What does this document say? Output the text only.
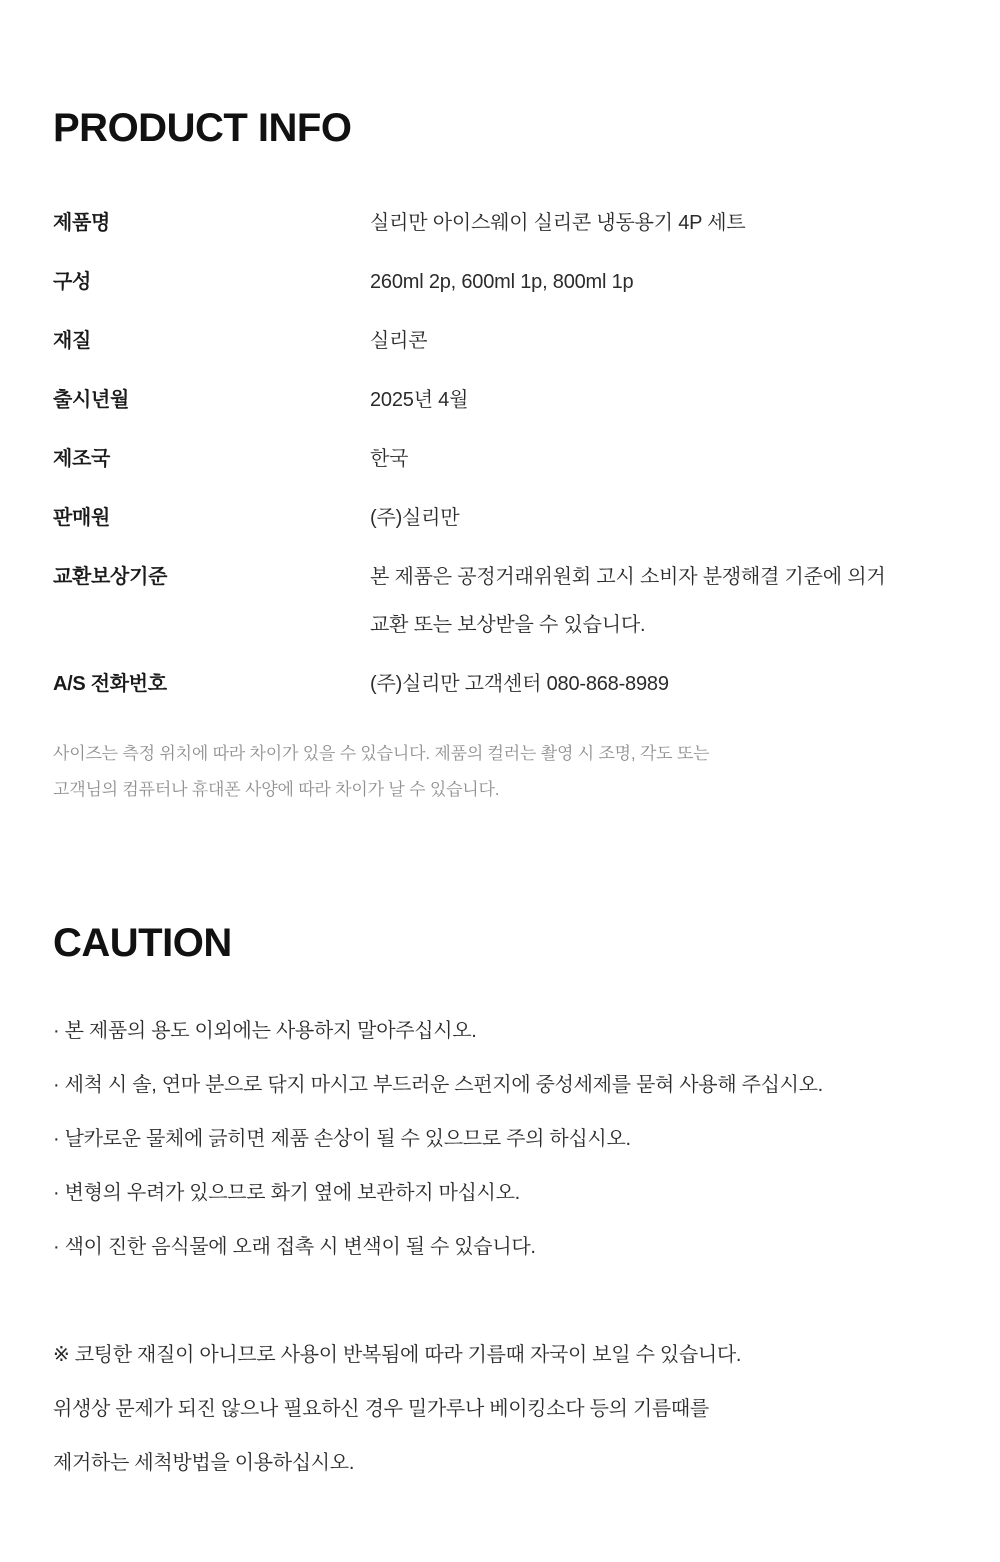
PRODUCT INFO
제품명	실리만 아이스웨이 실리콘 냉동용기 4P 세트
구성	260ml 2p, 600ml 1p, 800ml 1p
재질	실리콘
출시년월	2025년 4월
제조국	한국
판매원	(주)실리만
교환보상기준	본 제품은 공정거래위원회 고시 소비자 분쟁해결 기준에 의거
교환 또는 보상받을 수 있습니다.
A/S 전화번호	(주)실리만 고객센터 080-868-8989
사이즈는 측정 위치에 따라 차이가 있을 수 있습니다. 제품의 컬러는 촬영 시 조명, 각도 또는
고객님의 컴퓨터나 휴대폰 사양에 따라 차이가 날 수 있습니다.
CAUTION
· 본 제품의 용도 이외에는 사용하지 말아주십시오.
· 세척 시 솔, 연마 분으로 닦지 마시고 부드러운 스펀지에 중성세제를 묻혀 사용해 주십시오.
· 날카로운 물체에 긁히면 제품 손상이 될 수 있으므로 주의 하십시오.
· 변형의 우려가 있으므로 화기 옆에 보관하지 마십시오.
· 색이 진한 음식물에 오래 접촉 시 변색이 될 수 있습니다.
※ 코팅한 재질이 아니므로 사용이 반복됨에 따라 기름때 자국이 보일 수 있습니다.
위생상 문제가 되진 않으나 필요하신 경우 밀가루나 베이킹소다 등의 기름때를
제거하는 세척방법을 이용하십시오.
